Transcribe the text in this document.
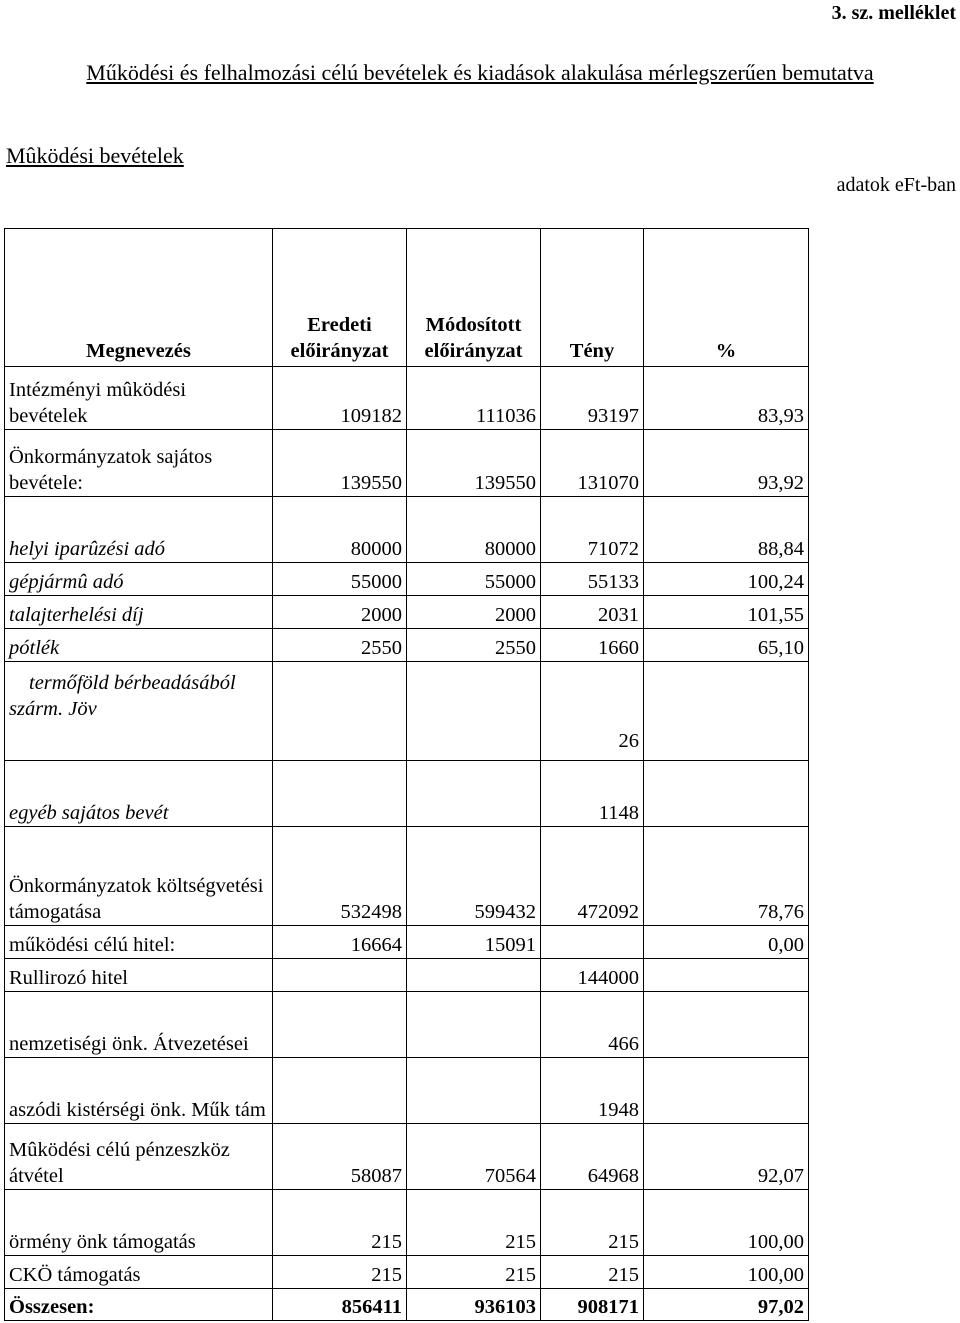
3. sz. melléklet
Működési és felhalmozási célú bevételek és kiadások alakulása mérlegszerűen bemutatva
Mûködési bevételek
adatok eFt-ban
Megnevezés	Eredeti előirányzat	Módosított előirányzat	Tény	%
Intézményi mûködési bevételek	109182	111036	93197	83,93
Önkormányzatok sajátos bevétele:	139550	139550	131070	93,92
helyi iparûzési adó	80000	80000	71072	88,84
gépjármû adó	55000	55000	55133	100,24
talajterhelési díj	2000	2000	2031	101,55
pótlék	2550	2550	1660	65,10
termőföld bérbeadásából szárm. Jöv			26	
egyéb sajátos bevét			1148	
Önkormányzatok költségvetési támogatása	532498	599432	472092	78,76
működési célú hitel:	16664	15091		0,00
Rullirozó hitel			144000	
nemzetiségi önk. Átvezetései			466	
aszódi kistérségi önk. Műk tám			1948	
Mûködési célú pénzeszköz átvétel	58087	70564	64968	92,07
örmény önk támogatás	215	215	215	100,00
CKÖ támogatás	215	215	215	100,00
Összesen:	856411	936103	908171	97,02
